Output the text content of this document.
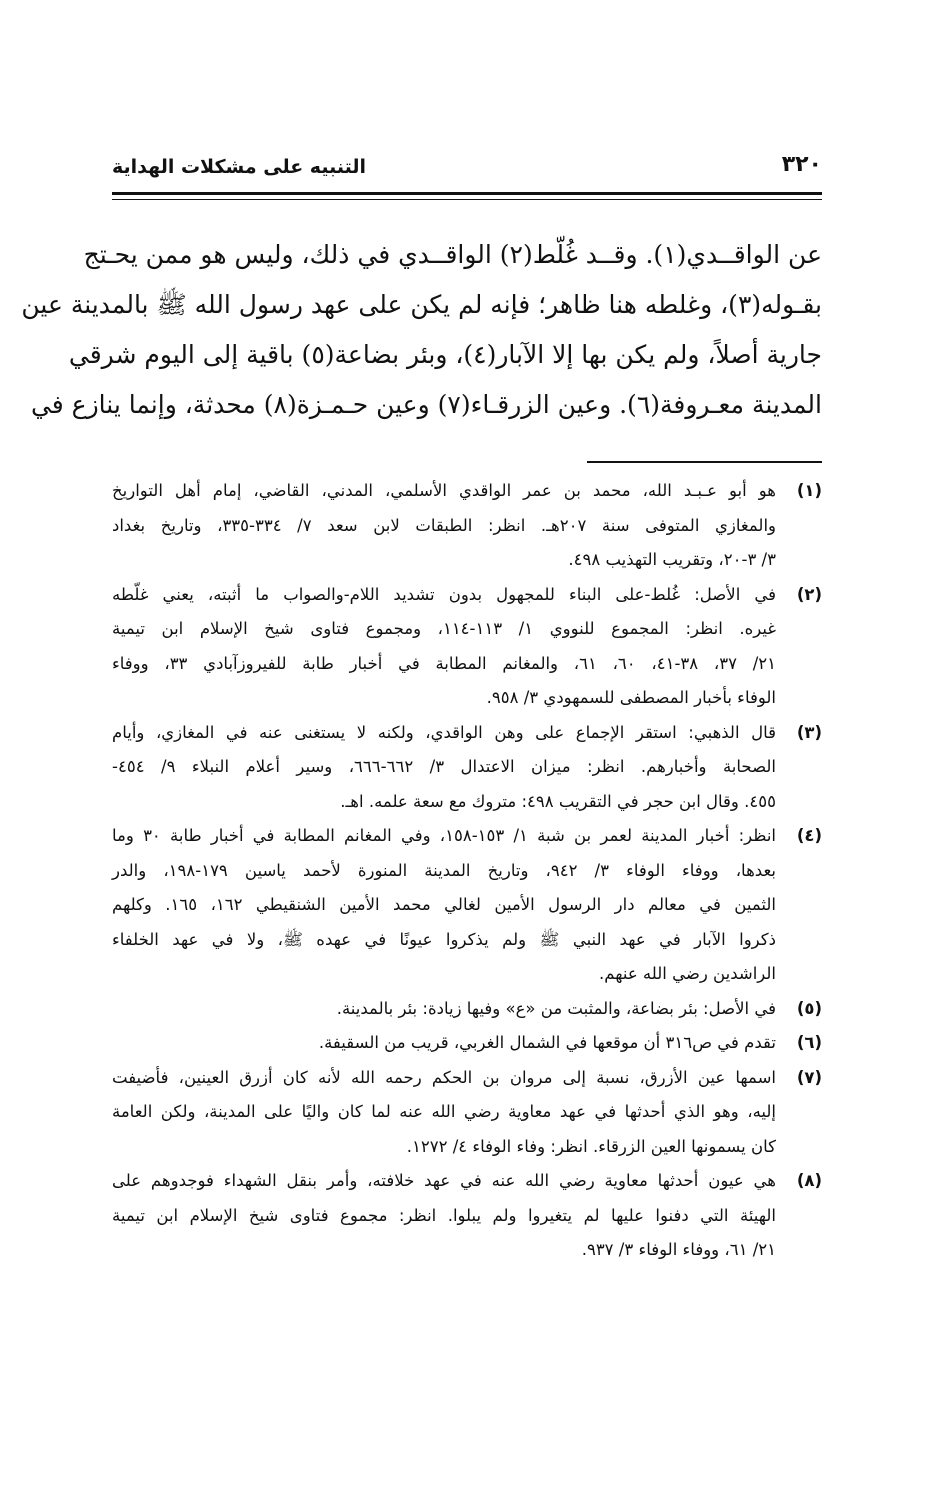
٣٢٠
التنبيه على مشكلات الهداية
عن الواقــدي(١). وقــد غُلّط(٢) الواقــدي في ذلك، وليس هو ممن يحـتج
بقـوله(٣)، وغلطه هنا ظاهر؛ فإنه لم يكن على عهد رسول الله ﷺ بالمدينة عين
جارية أصلاً، ولم يكن بها إلا الآبار(٤)، وبئر بضاعة(٥) باقية إلى اليوم شرقي
المدينة معـروفة(٦). وعين الزرقـاء(٧) وعين حـمـزة(٨) محدثة، وإنما ينازع في
(١)
هو أبو عـبـد الله، محمد بن عمر الواقدي الأسلمي، المدني، القاضي، إمام أهل التواريخ
والمغازي المتوفى سنة ٢٠٧هـ. انظر: الطبقات لابن سعد ٧/ ٣٣٤-٣٣٥، وتاريخ بغداد
٣/ ٣-٢٠، وتقريب التهذيب ٤٩٨.
(٢)
في الأصل: غُلط-على البناء للمجهول بدون تشديد اللام-والصواب ما أثبته، يعني غلّطه
غيره. انظر: المجموع للنووي ١/ ١١٣-١١٤، ومجموع فتاوى شيخ الإسلام ابن تيمية
٢١/ ٣٧، ٣٨-٤١، ٦٠، ٦١، والمغانم المطابة في أخبار طابة للفيروزآبادي ٣٣، ووفاء
الوفاء بأخبار المصطفى للسمهودي ٣/ ٩٥٨.
(٣)
قال الذهبي: استقر الإجماع على وهن الواقدي، ولكنه لا يستغنى عنه في المغازي، وأيام
الصحابة وأخبارهم. انظر: ميزان الاعتدال ٣/ ٦٦٢-٦٦٦، وسير أعلام النبلاء ٩/ ٤٥٤-
٤٥٥. وقال ابن حجر في التقريب ٤٩٨: متروك مع سعة علمه. اهـ.
(٤)
انظر: أخبار المدينة لعمر بن شبة ١/ ١٥٣-١٥٨، وفي المغانم المطابة في أخبار طابة ٣٠ وما
بعدها، ووفاء الوفاء ٣/ ٩٤٢، وتاريخ المدينة المنورة لأحمد ياسين ١٧٩-١٩٨، والدر
الثمين في معالم دار الرسول الأمين لغالي محمد الأمين الشنقيطي ١٦٢، ١٦٥. وكلهم
ذكروا الآبار في عهد النبي ﷺ ولم يذكروا عيونًا في عهده ﷺ، ولا في عهد الخلفاء
الراشدين رضي الله عنهم.
(٥)
في الأصل: بئر بضاعة، والمثبت من «ع» وفيها زيادة: بئر بالمدينة.
(٦)
تقدم في ص٣١٦ أن موقعها في الشمال الغربي، قريب من السقيفة.
(٧)
اسمها عين الأزرق، نسبة إلى مروان بن الحكم رحمه الله لأنه كان أزرق العينين، فأضيفت
إليه، وهو الذي أحدثها في عهد معاوية رضي الله عنه لما كان واليًا على المدينة، ولكن العامة
كان يسمونها العين الزرقاء. انظر: وفاء الوفاء ٤/ ١٢٧٢.
(٨)
هي عيون أحدثها معاوية رضي الله عنه في عهد خلافته، وأمر بنقل الشهداء فوجدوهم على
الهيئة التي دفنوا عليها لم يتغيروا ولم يبلوا. انظر: مجموع فتاوى شيخ الإسلام ابن تيمية
٢١/ ٦١، ووفاء الوفاء ٣/ ٩٣٧.
